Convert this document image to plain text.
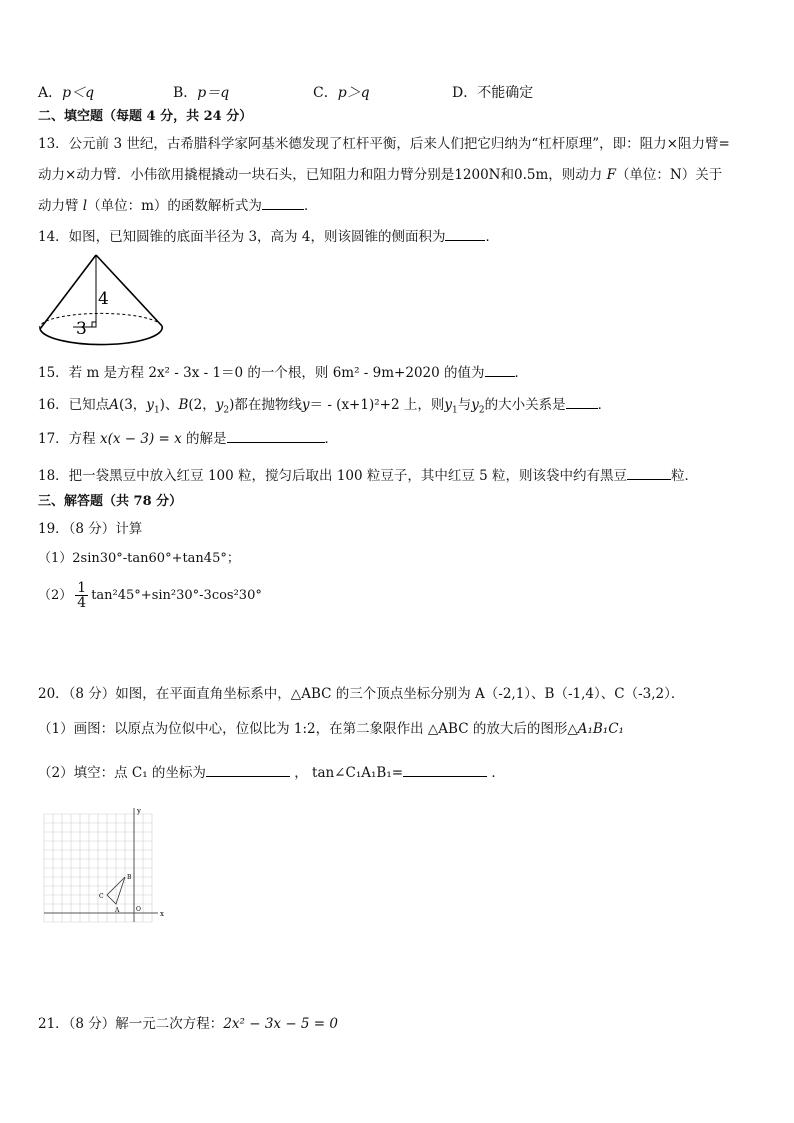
A．p＜q	B．p＝q	C．p＞q	D．不能确定
二、填空题（每题 4 分，共 24 分）
13．公元前 3 世纪，古希腊科学家阿基米德发现了杠杆平衡，后来人们把它归纳为“杠杆原理”，即：阻力×阻力臂=
动力×动力臂．小伟欲用撬棍撬动一块石头，已知阻力和阻力臂分别是1200N和0.5m，则动力 F（单位：N）关于
动力臂 l（单位：m）的函数解析式为	．
14．如图，已知圆锥的底面半径为 3，高为 4，则该圆锥的侧面积为	．
4
3
15．若 m 是方程 2x² - 3x - 1＝0 的一个根，则 6m² - 9m+2020 的值为 ．
16．已知点A(3，$y_1$)、B(2，$y_2$)都在抛物线y＝ - (x+1)²+2 上，则$y_1$与$y_2$的大小关系是 ．
17．方程 x(x − 3) = x 的解是	．
18．把一袋黑豆中放入红豆 100 粒，搅匀后取出 100 粒豆子，其中红豆 5 粒，则该袋中约有黑豆	粒．
三、解答题（共 78 分）
19．（8 分）计算
（1）2sin30°-tan60°+tan45°；
$(2) \frac{1}{4} \tan^245^\circ+\sin^230^\circ-3\cos^230^\circ$
20．（8 分）如图，在平面直角坐标系中，△ABC 的三个顶点坐标分别为 A（-2,1）、B（-1,4）、C（-3,2）．
（1）画图：以原点为位似中心，位似比为 1:2，在第二象限作出 △ABC 的放大后的图形△A₁B₁C₁
（2）填空：点 C₁ 的坐标为	， tan∠C₁A₁B₁=	．
x
y
O
A
B
C
21．（8 分）解一元二次方程：2x² − 3x − 5 = 0
